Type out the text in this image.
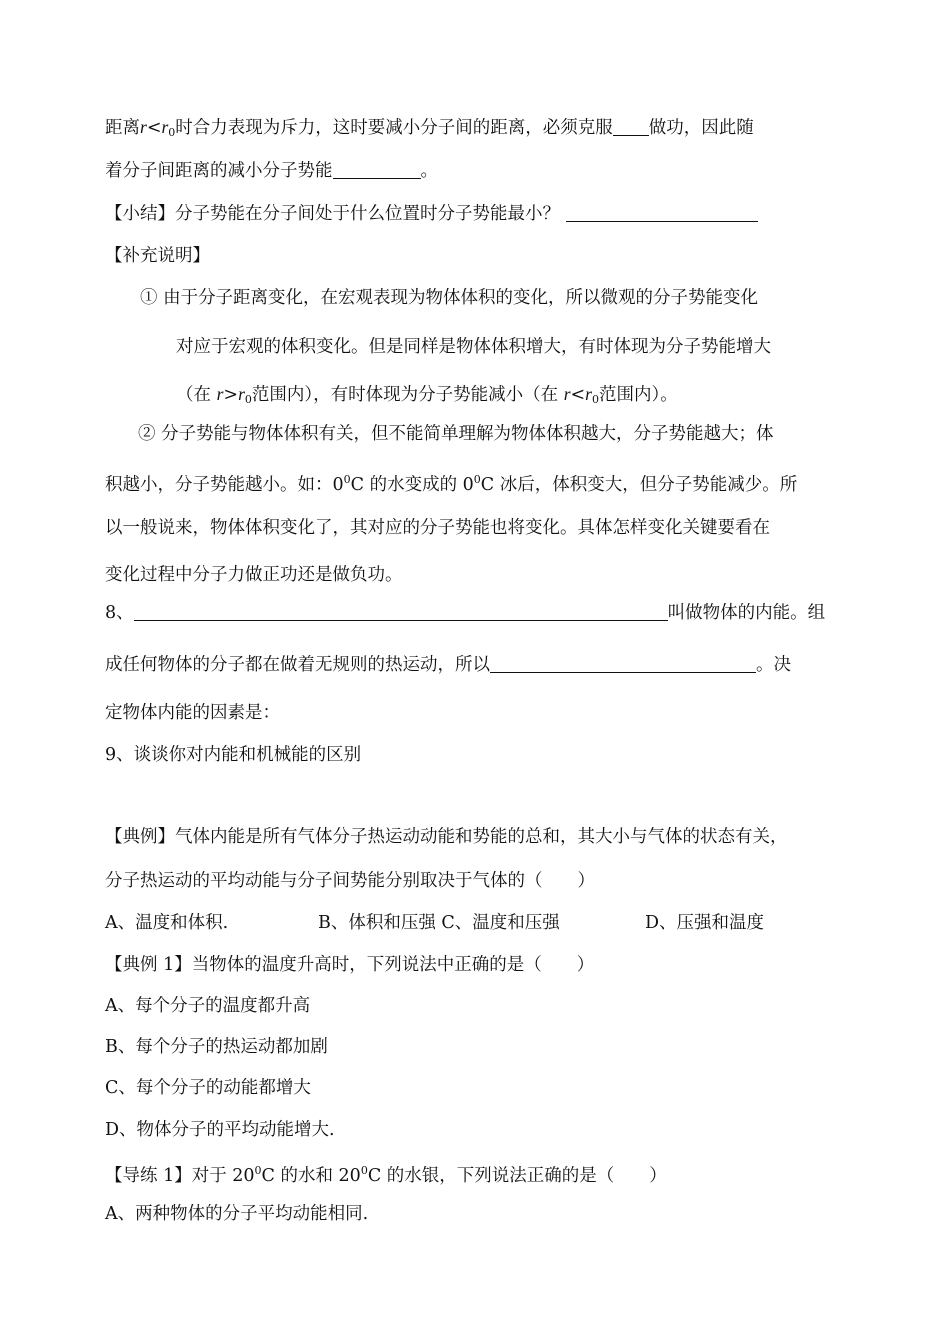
距离$r<r_0$时合力表现为斥力，这时要减小分子间的距离，必须克服 做功，因此随
着分子间距离的减小分子势能	。
【小结】分子势能在分子间处于什么位置时分子势能最小？
【补充说明】
① 由于分子距离变化，在宏观表现为物体体积的变化，所以微观的分子势能变化
对应于宏观的体积变化。但是同样是物体体积增大，有时体现为分子势能增大
（在 $r>r_0$范围内），有时体现为分子势能减小（在 $r<r_0$范围内）。
② 分子势能与物体体积有关，但不能简单理解为物体体积越大，分子势能越大；体
积越小，分子势能越小。如：$0^0C$ 的水变成的 $0^0C$ 冰后，体积变大，但分子势能减少。所
以一般说来，物体体积变化了，其对应的分子势能也将变化。具体怎样变化关键要看在
变化过程中分子力做正功还是做负功。
8、	叫做物体的内能。组
成任何物体的分子都在做着无规则的热运动，所以	。决
定物体内能的因素是：
9、谈谈你对内能和机械能的区别
【典例】气体内能是所有气体分子热运动动能和势能的总和，其大小与气体的状态有关，
分子热运动的平均动能与分子间势能分别取决于气体的（　　）
A、温度和体积.	B、体积和压强 C、温度和压强	D、压强和温度
【典例 1】当物体的温度升高时，下列说法中正确的是（　　）
A、每个分子的温度都升高
B、每个分子的热运动都加剧
C、每个分子的动能都增大
D、物体分子的平均动能增大.
【导练 1】对于 $20^0C$ 的水和 $20^0C$ 的水银，下列说法正确的是（　　）
A、两种物体的分子平均动能相同.
